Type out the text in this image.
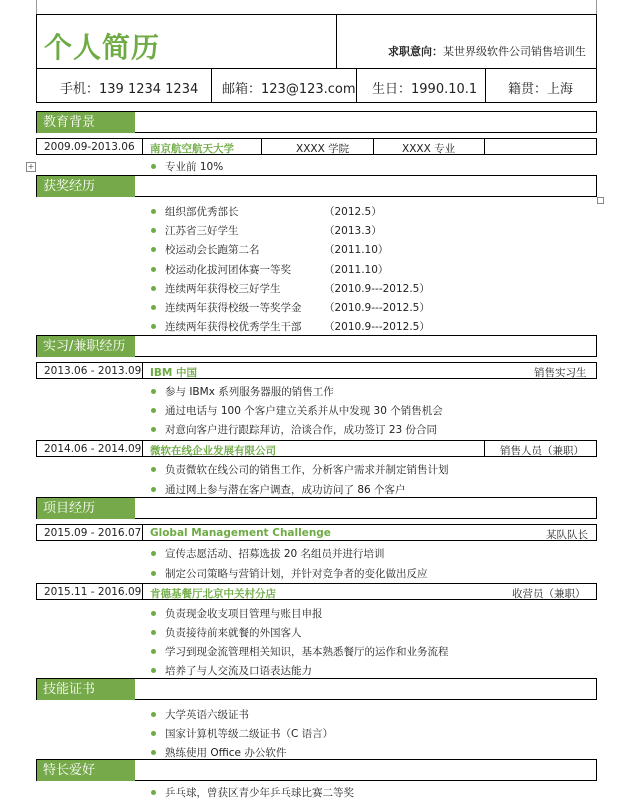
个人简历	求职意向：某世界级软件公司销售培训生
手机：139 1234 1234 邮箱：123@123.com 生日：1990.10.1 籍贯：上海
教育背景
2009.09-2013.06 南京航空航天大学	XXXX 学院	XXXX 专业
专业前 10%
获奖经历
组织部优秀部长	（2012.5）
江苏省三好学生	（2013.3）
校运动会长跑第二名	（2011.10）
校运动化拔河团体赛一等奖	（2011.10）
连续两年获得校三好学生	（2010.9---2012.5）
连续两年获得校级一等奖学金 （2010.9---2012.5）
连续两年获得校优秀学生干部 （2010.9---2012.5）
实习/兼职经历
2013.06 - 2013.09 IBM 中国	销售实习生
参与 IBMx 系列服务器服的销售工作
通过电话与 100 个客户建立关系并从中发现 30 个销售机会
对意向客户进行跟踪拜访，洽谈合作，成功签订 23 份合同
2014.06 - 2014.09 微软在线企业发展有限公司	销售人员（兼职）
负责微软在线公司的销售工作，分析客户需求并制定销售计划
通过网上参与潜在客户调查，成功访问了 86 个客户
项目经历
2015.09 - 2016.07 Global Management Challenge	某队队长
宣传志愿活动、招募选拔 20 名组员并进行培训
制定公司策略与营销计划，并针对竞争者的变化做出反应
2015.11 - 2016.09 肯德基餐厅北京中关村分店	收营员（兼职）
负责现金收支项目管理与账目申报
负责接待前来就餐的外国客人
学习到现金流管理相关知识，基本熟悉餐厅的运作和业务流程
培养了与人交流及口语表达能力
技能证书
大学英语六级证书
国家计算机等级二级证书（C 语言）
熟练使用 Office 办公软件
特长爱好
乒乓球，曾获区青少年乒乓球比赛二等奖
+
